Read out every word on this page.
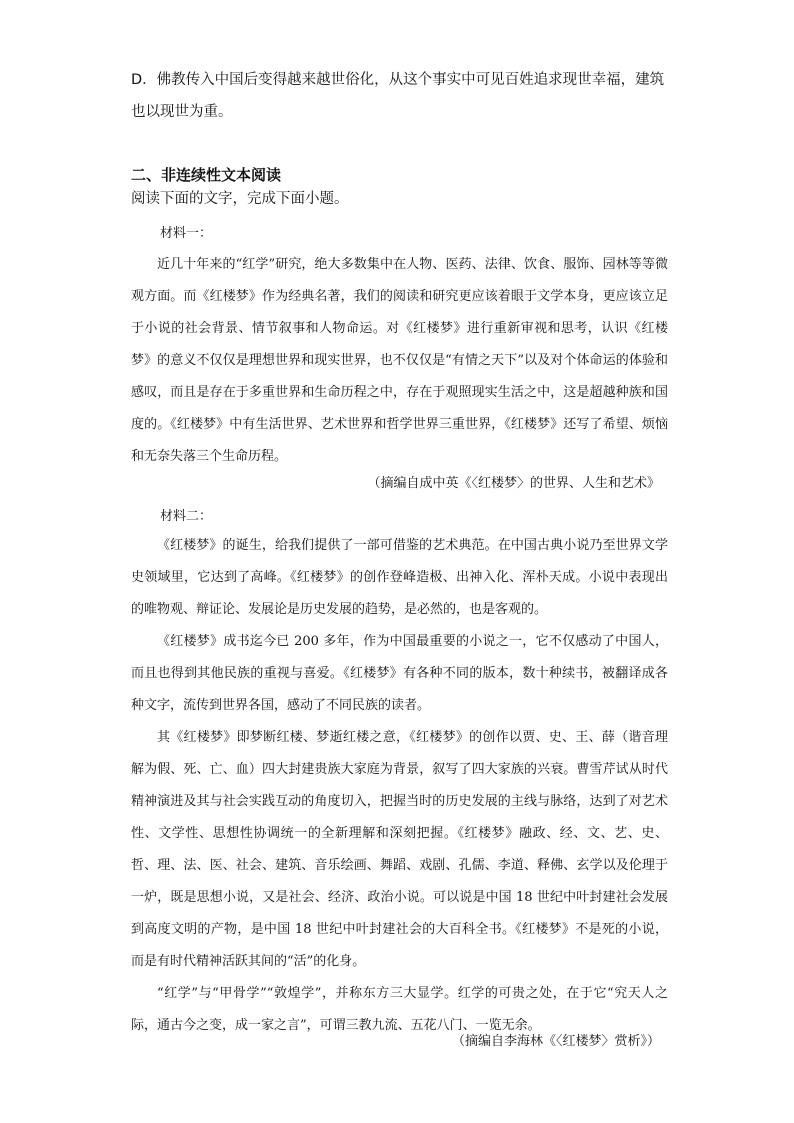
D．佛教传入中国后变得越来越世俗化，从这个事实中可见百姓追求现世幸福，建筑也以现世为重。
二、非连续性文本阅读
阅读下面的文字，完成下面小题。
材料一：

近几十年来的“红学”研究，绝大多数集中在人物、医药、法律、饮食、服饰、园林等等微观方面。而《红楼梦》作为经典名著，我们的阅读和研究更应该着眼于文学本身，更应该立足于小说的社会背景、情节叙事和人物命运。对《红楼梦》进行重新审视和思考，认识《红楼梦》的意义不仅仅是理想世界和现实世界，也不仅仅是“有情之天下”以及对个体命运的体验和感叹，而且是存在于多重世界和生命历程之中，存在于观照现实生活之中，这是超越种族和国度的。《红楼梦》中有生活世界、艺术世界和哲学世界三重世界，《红楼梦》还写了希望、烦恼和无奈失落三个生命历程。

（摘编自成中英《〈红楼梦〉的世界、人生和艺术》
材料二：

《红楼梦》的诞生，给我们提供了一部可借鉴的艺术典范。在中国古典小说乃至世界文学史领域里，它达到了高峰。《红楼梦》的创作登峰造极、出神入化、浑朴天成。小说中表现出的唯物观、辩证论、发展论是历史发展的趋势，是必然的，也是客观的。

《红楼梦》成书迄今已 200 多年，作为中国最重要的小说之一，它不仅感动了中国人，而且也得到其他民族的重视与喜爱。《红楼梦》有各种不同的版本，数十种续书，被翻译成各种文字，流传到世界各国，感动了不同民族的读者。

其《红楼梦》即梦断红楼、梦逝红楼之意，《红楼梦》的创作以贾、史、王、薛（谐音理解为假、死、亡、血）四大封建贵族大家庭为背景，叙写了四大家族的兴衰。曹雪芹试从时代精神演进及其与社会实践互动的角度切入，把握当时的历史发展的主线与脉络，达到了对艺术性、文学性、思想性协调统一的全新理解和深刻把握。《红楼梦》融政、经、文、艺、史、哲、理、法、医、社会、建筑、音乐绘画、舞蹈、戏剧、孔儒、李道、释佛、玄学以及伦理于一炉，既是思想小说，又是社会、经济、政治小说。可以说是中国 18 世纪中叶封建社会发展到高度文明的产物，是中国 18 世纪中叶封建社会的大百科全书。《红楼梦》不是死的小说，而是有时代精神活跃其间的“活”的化身。

“红学”与“甲骨学”“敦煌学”，并称东方三大显学。红学的可贵之处，在于它“究天人之际，通古今之变，成一家之言”，可谓三教九流、五花八门、一览无余。

（摘编自李海林《〈红楼梦〉赏析》）
